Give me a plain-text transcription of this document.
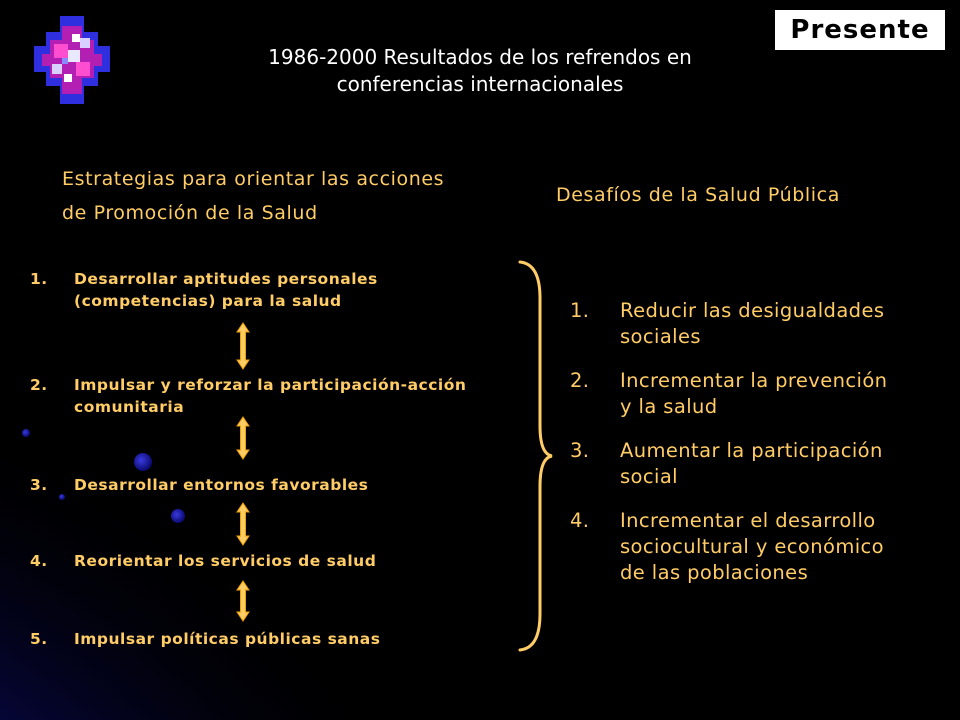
Presente
1986-2000 Resultados de los refrendos en
conferencias internacionales
Estrategias para orientar las acciones
de Promoción de la Salud
Desafíos de la Salud Pública
1.	Desarrollar aptitudes personales
(competencias) para la salud
2.	Impulsar y reforzar la participación-acción
comunitaria
3.	Desarrollar entornos favorables
4.	Reorientar los servicios de salud
5.	Impulsar políticas públicas sanas
1.	Reducir las desigualdades
sociales
2.	Incrementar la prevención
y la salud
3.	Aumentar la participación
social
4.	Incrementar el desarrollo
sociocultural y económico
de las poblaciones
